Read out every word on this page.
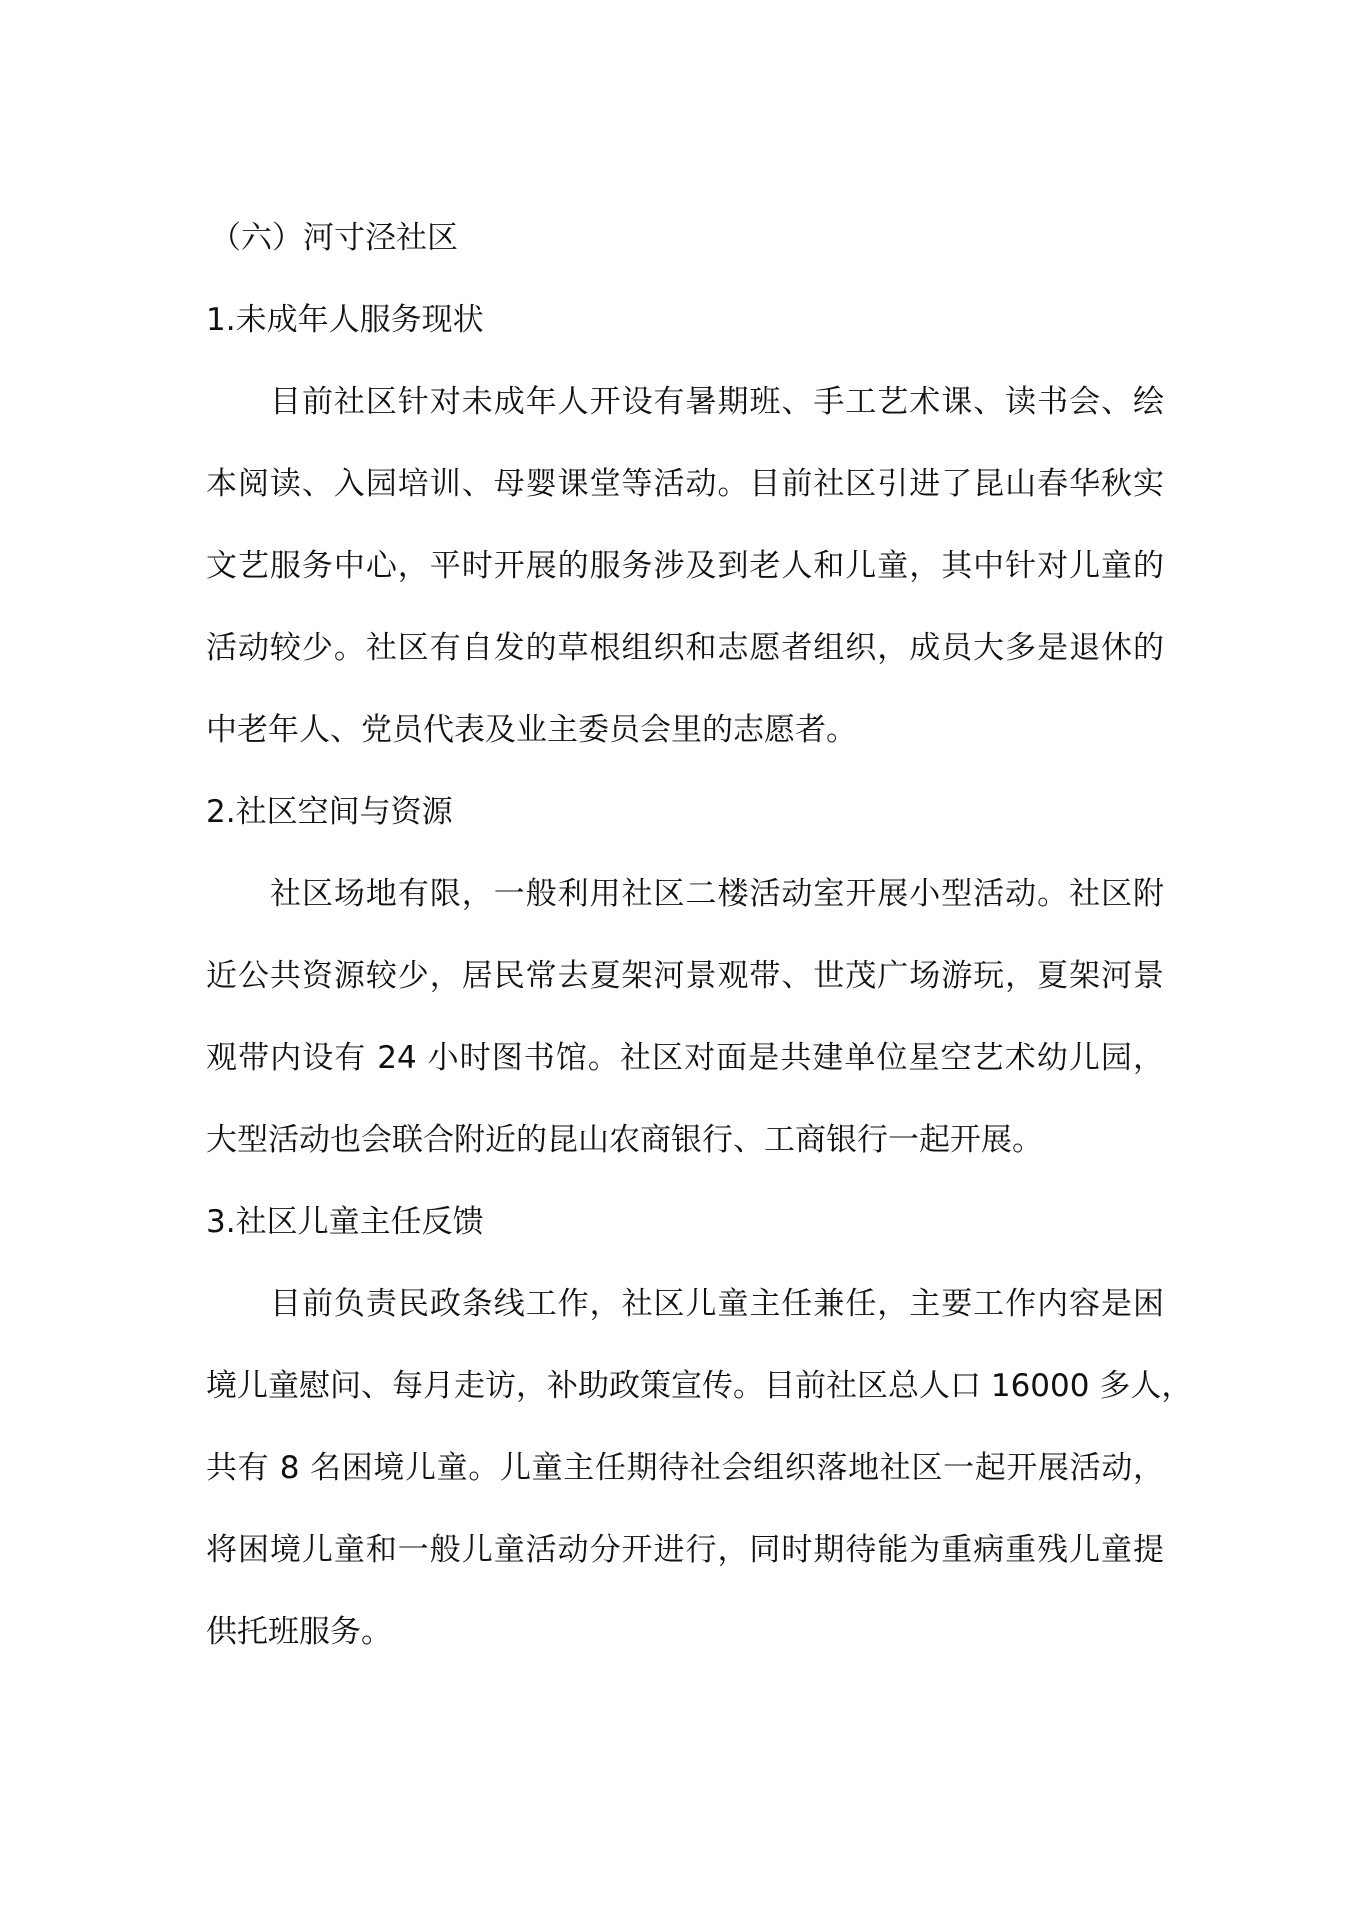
（六）河寸泾社区
1.未成年人服务现状
目前社区针对未成年人开设有暑期班、手工艺术课、读书会、绘
本阅读、入园培训、母婴课堂等活动。目前社区引进了昆山春华秋实
文艺服务中心，平时开展的服务涉及到老人和儿童，其中针对儿童的
活动较少。社区有自发的草根组织和志愿者组织，成员大多是退休的
中老年人、党员代表及业主委员会里的志愿者。
2.社区空间与资源
社区场地有限，一般利用社区二楼活动室开展小型活动。社区附
近公共资源较少，居民常去夏架河景观带、世茂广场游玩，夏架河景
观带内设有 24 小时图书馆。社区对面是共建单位星空艺术幼儿园，
大型活动也会联合附近的昆山农商银行、工商银行一起开展。
3.社区儿童主任反馈
目前负责民政条线工作，社区儿童主任兼任，主要工作内容是困
境儿童慰问、每月走访，补助政策宣传。目前社区总人口 16000 多人，
共有 8 名困境儿童。儿童主任期待社会组织落地社区一起开展活动，
将困境儿童和一般儿童活动分开进行，同时期待能为重病重残儿童提
供托班服务。
